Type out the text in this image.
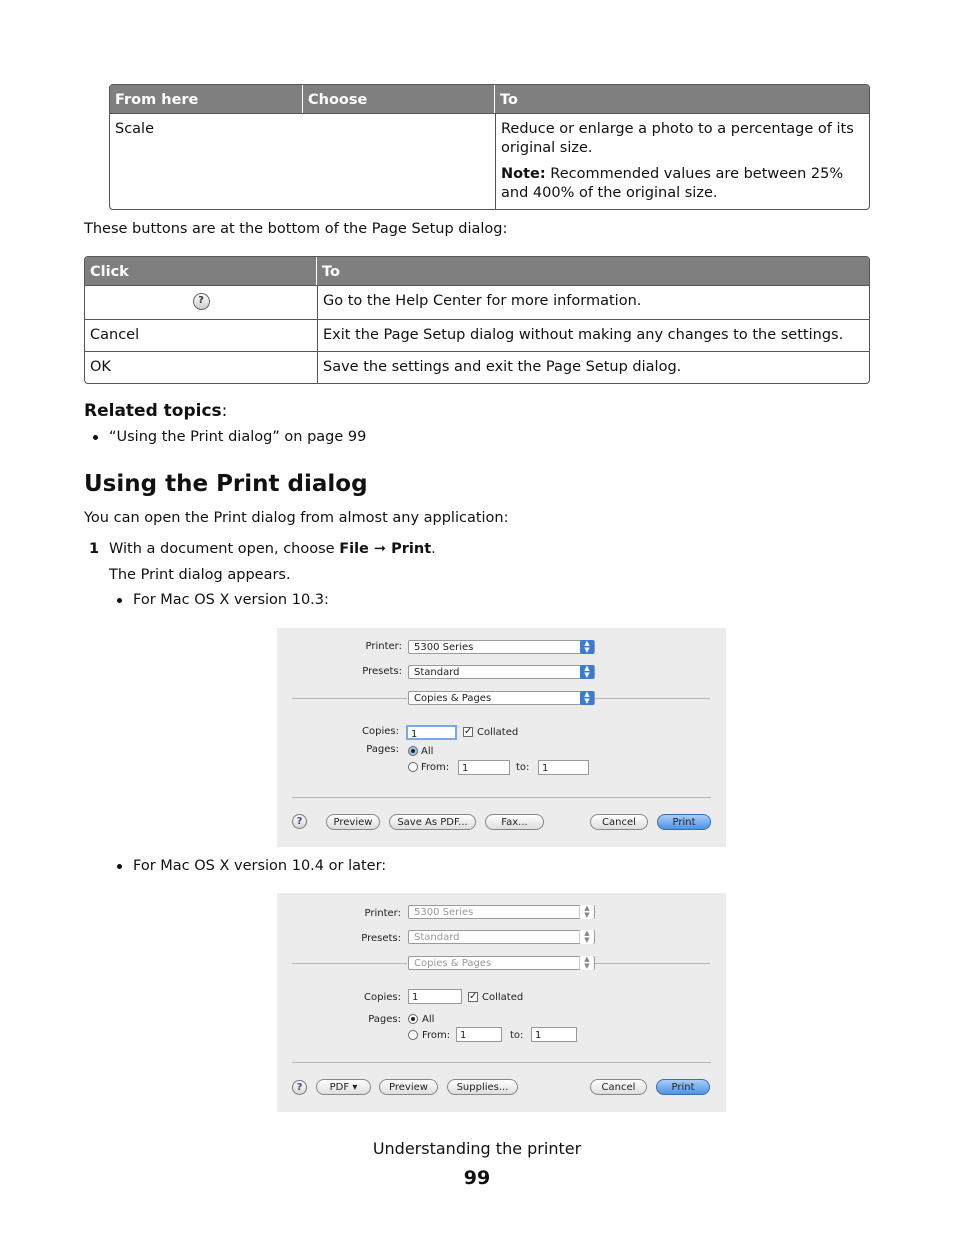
From here	Choose	To
Scale		Reduce or enlarge a photo to a percentage of its original size.

Note: Recommended values are between 25% and 400% of the original size.

These buttons are at the bottom of the Page Setup dialog:
Click	To
?	Go to the Help Center for more information.
Cancel	Exit the Page Setup dialog without making any changes to the settings.
OK	Save the settings and exit the Page Setup dialog.
Related topics:
“Using the Print dialog” on page 99
Using the Print dialog
You can open the Print dialog from almost any application:
1 With a document open, choose File ➞ Print.
The Print dialog appears.
For Mac OS X version 10.3:
Printer:	5300 Series	▲
▼
Presets:	Standard	▲
▼
Copies & Pages	▲
▼
Copies:	1	✓ Collated
Pages: All
From:	1	to:	1
?	Preview	Save As PDF...	Fax...	Cancel	Print
For Mac OS X version 10.4 or later:
Printer:	5300 Series	▲
▼
Presets:	Standard	▲
▼
Copies & Pages	▲
▼
Copies:	1	✓ Collated
Pages: All
From: 1	to:	1
?	PDF ▾	Preview	Supplies...	Cancel	Print
Understanding the printer
99
